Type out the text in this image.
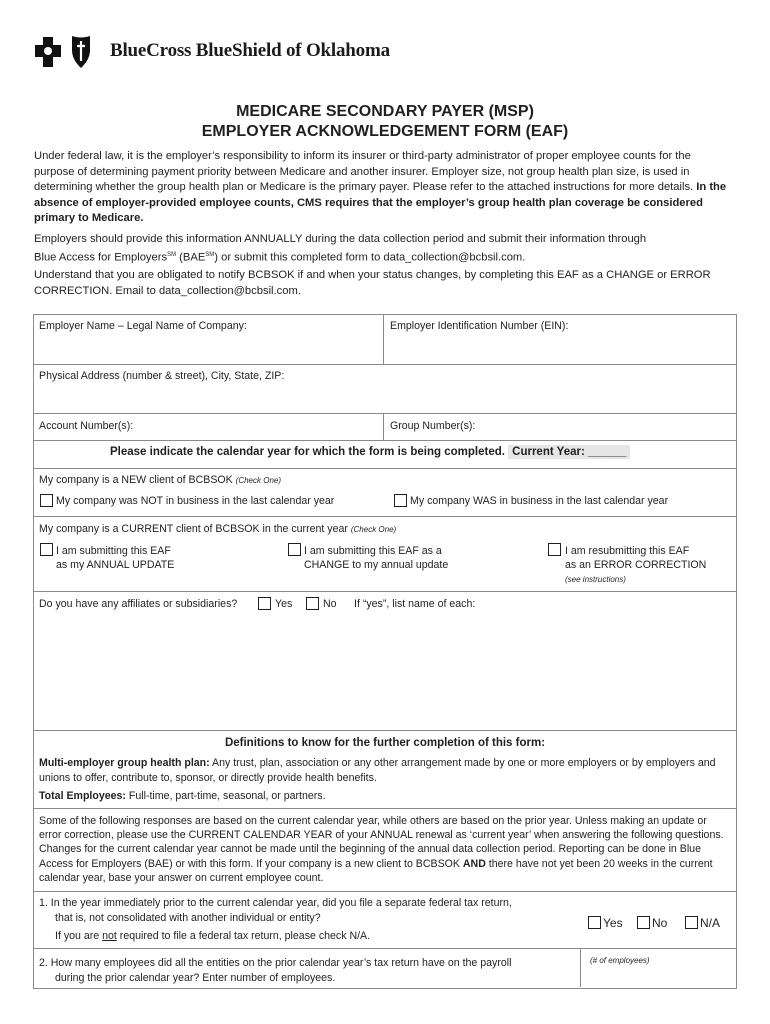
BlueCross BlueShield of Oklahoma
MEDICARE SECONDARY PAYER (MSP)
EMPLOYER ACKNOWLEDGEMENT FORM (EAF)
Under federal law, it is the employer’s responsibility to inform its insurer or third-party administrator of proper employee counts for the purpose of determining payment priority between Medicare and another insurer. Employer size, not group health plan size, is used in determining whether the group health plan or Medicare is the primary payer. Please refer to the attached instructions for more details. In the absence of employer-provided employee counts, CMS requires that the employer’s group health plan coverage be considered primary to Medicare.
Employers should provide this information ANNUALLY during the data collection period and submit their information through
Blue Access for Employers℠ (BAE℠) or submit this completed form to data_collection@bcbsil.com.
Understand that you are obligated to notify BCBSOK if and when your status changes, by completing this EAF as a CHANGE or ERROR CORRECTION. Email to data_collection@bcbsil.com.
Employer Name – Legal Name of Company:	Employer Identification Number (EIN):
Physical Address (number & street), City, State, ZIP:
Account Number(s):	Group Number(s):
Please indicate the calendar year for which the form is being completed. Current Year: ______
My company is a NEW client of BCBSOK (Check One)
My company was NOT in business in the last calendar year	My company WAS in business in the last calendar year
My company is a CURRENT client of BCBSOK in the current year (Check One)
I am submitting this EAF
as my ANNUAL UPDATE
I am submitting this EAF as a
CHANGE to my annual update
I am resubmitting this EAF
as an ERROR CORRECTION
(see instructions)
Do you have any affiliates or subsidiaries?	Yes	No If “yes”, list name of each:
Definitions to know for the further completion of this form:
Multi-employer group health plan: Any trust, plan, association or any other arrangement made by one or more employers or by employers and unions to offer, contribute to, sponsor, or directly provide health benefits.
Total Employees: Full-time, part-time, seasonal, or partners.
Some of the following responses are based on the current calendar year, while others are based on the prior year. Unless making an update or error correction, please use the CURRENT CALENDAR YEAR of your ANNUAL renewal as ‘current year’ when answering the following questions. Changes for the current calendar year cannot be made until the beginning of the annual data collection period. Reporting can be done in Blue Access for Employers (BAE) or with this form. If your company is a new client to BCBSOK AND there have not yet been 20 weeks in the current calendar year, base your answer on current employee count.
1. In the year immediately prior to the current calendar year, did you file a separate federal tax return,
that is, not consolidated with another individual or entity?
If you are not required to file a federal tax return, please check N/A.
Yes No	N/A
2. How many employees did all the entities on the prior calendar year’s tax return have on the payroll
during the prior calendar year? Enter number of employees.
(# of employees)
